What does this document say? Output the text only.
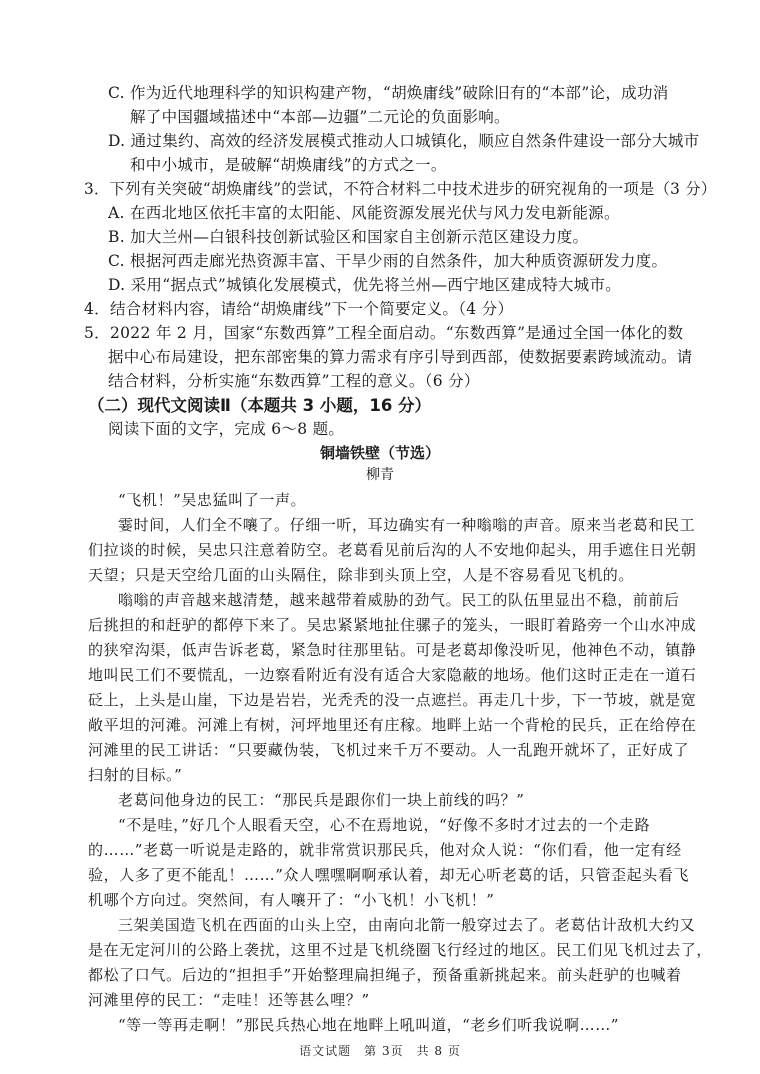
C. 作为近代地理科学的知识构建产物，“胡焕庸线”破除旧有的“本部”论，成功消
解了中国疆域描述中“本部—边疆”二元论的负面影响。
D. 通过集约、高效的经济发展模式推动人口城镇化，顺应自然条件建设一部分大城市
和中小城市，是破解“胡焕庸线”的方式之一。
3．下列有关突破“胡焕庸线”的尝试，不符合材料二中技术进步的研究视角的一项是（3 分）
A. 在西北地区依托丰富的太阳能、风能资源发展光伏与风力发电新能源。
B. 加大兰州—白银科技创新试验区和国家自主创新示范区建设力度。
C. 根据河西走廊光热资源丰富、干旱少雨的自然条件，加大种质资源研发力度。
D. 采用“据点式”城镇化发展模式，优先将兰州—西宁地区建成特大城市。
4．结合材料内容，请给“胡焕庸线”下一个简要定义。（4 分）
5．2022 年 2 月，国家“东数西算”工程全面启动。“东数西算”是通过全国一体化的数
据中心布局建设，把东部密集的算力需求有序引导到西部，使数据要素跨域流动。请
结合材料，分析实施“东数西算”工程的意义。（6 分）
（二）现代文阅读Ⅱ（本题共 3 小题，16 分）
阅读下面的文字，完成 6～8 题。
铜墙铁壁（节选）
柳青
“飞机！”吴忠猛叫了一声。
霎时间，人们全不嚷了。仔细一听，耳边确实有一种嗡嗡的声音。原来当老葛和民工
们拉谈的时候，吴忠只注意着防空。老葛看见前后沟的人不安地仰起头，用手遮住日光朝
天望；只是天空给几面的山头隔住，除非到头顶上空，人是不容易看见飞机的。
嗡嗡的声音越来越清楚，越来越带着威胁的劲气。民工的队伍里显出不稳，前前后
后挑担的和赶驴的都停下来了。吴忠紧紧地扯住骡子的笼头，一眼盯着路旁一个山水冲成
的狭窄沟渠，低声告诉老葛，紧急时往那里钻。可是老葛却像没听见，他神色不动，镇静
地叫民工们不要慌乱，一边察看附近有没有适合大家隐蔽的地场。他们这时正走在一道石
砭上，上头是山崖，下边是岩岩，光秃秃的没一点遮拦。再走几十步，下一节坡，就是宽
敞平坦的河滩。河滩上有树，河坪地里还有庄稼。地畔上站一个背枪的民兵，正在给停在
河滩里的民工讲话：“只要藏伪装，飞机过来千万不要动。人一乱跑开就坏了，正好成了
扫射的目标。”
老葛问他身边的民工：“那民兵是跟你们一块上前线的吗？”
“不是哇，”好几个人眼看天空，心不在焉地说，“好像不多时才过去的一个走路
的……”老葛一听说是走路的，就非常赏识那民兵，他对众人说：“你们看，他一定有经
验，人多了更不能乱！……”众人嘿嘿啊啊承认着，却无心听老葛的话，只管歪起头看飞
机哪个方向过。突然间，有人嚷开了：“小飞机！小飞机！”
三架美国造飞机在西面的山头上空，由南向北箭一般穿过去了。老葛估计敌机大约又
是在无定河川的公路上袭扰，这里不过是飞机绕圈飞行经过的地区。民工们见飞机过去了，
都松了口气。后边的“担担手”开始整理扁担绳子，预备重新挑起来。前头赶驴的也喊着
河滩里停的民工：“走哇！还等甚么哩？”
“等一等再走啊！”那民兵热心地在地畔上吼叫道，“老乡们听我说啊……”
语文试题　第 3页　共 8 页
